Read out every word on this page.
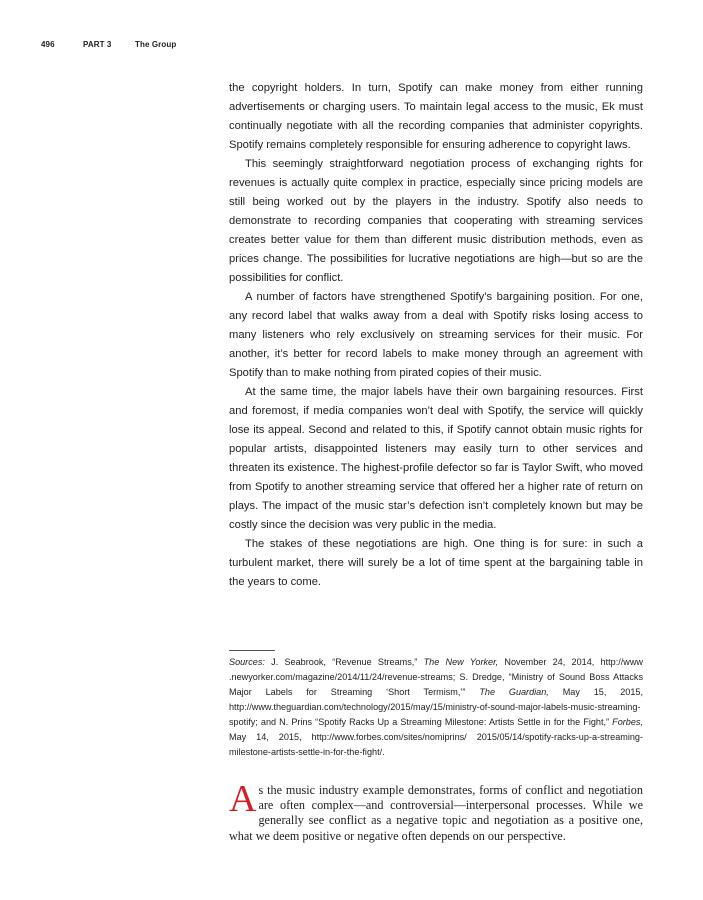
496	PART 3	The Group

the copyright holders. In turn, Spotify can make money from either running advertisements or charging users. To maintain legal access to the music, Ek must continually negotiate with all the recording companies that administer copyrights. Spotify remains completely responsible for ensuring adherence to copyright laws.

This seemingly straightforward negotiation process of exchanging rights for revenues is actually quite complex in practice, especially since pricing models are still being worked out by the players in the industry. Spotify also needs to demonstrate to recording companies that cooperating with streaming services creates better value for them than different music distribution methods, even as prices change. The possibilities for lucrative negotiations are high—but so are the possibilities for conflict.

A number of factors have strengthened Spotify’s bargaining position. For one, any record label that walks away from a deal with Spotify risks losing access to many listeners who rely exclusively on streaming services for their music. For another, it’s better for record labels to make money through an agreement with Spotify than to make nothing from pirated copies of their music.

At the same time, the major labels have their own bargaining resources. First and foremost, if media companies won’t deal with Spotify, the service will quickly lose its appeal. Second and related to this, if Spotify cannot obtain music rights for popular artists, disappointed listeners may easily turn to other services and threaten its existence. The highest-profile defector so far is Taylor Swift, who moved from Spotify to another streaming service that offered her a higher rate of return on plays. The impact of the music star’s defection isn’t completely known but may be costly since the decision was very public in the media.

The stakes of these negotiations are high. One thing is for sure: in such a turbulent market, there will surely be a lot of time spent at the bargaining table in the years to come.

Sources: J. Seabrook, “Revenue Streams,” The New Yorker, November 24, 2014, http://www .newyorker.com/magazine/2014/11/24/revenue-streams; S. Dredge, “Ministry of Sound Boss Attacks Major Labels for Streaming ‘Short Termism,’” The Guardian, May 15, 2015, http://www.theguardian.com/technology/2015/may/15/ministry-of-sound-major-labels-music-streaming-spotify; and N. Prins “Spotify Racks Up a Streaming Milestone: Artists Settle in for the Fight,” Forbes, May 14, 2015, http://www.forbes.com/sites/nomiprins/ 2015/05/14/spotify-racks-up-a-streaming-milestone-artists-settle-in-for-the-fight/.
As the music industry example demonstrates, forms of conflict and negotiation are often complex—and controversial—interpersonal processes. While we generally see conflict as a negative topic and negotiation as a positive one, what we deem positive or negative often depends on our perspective.
